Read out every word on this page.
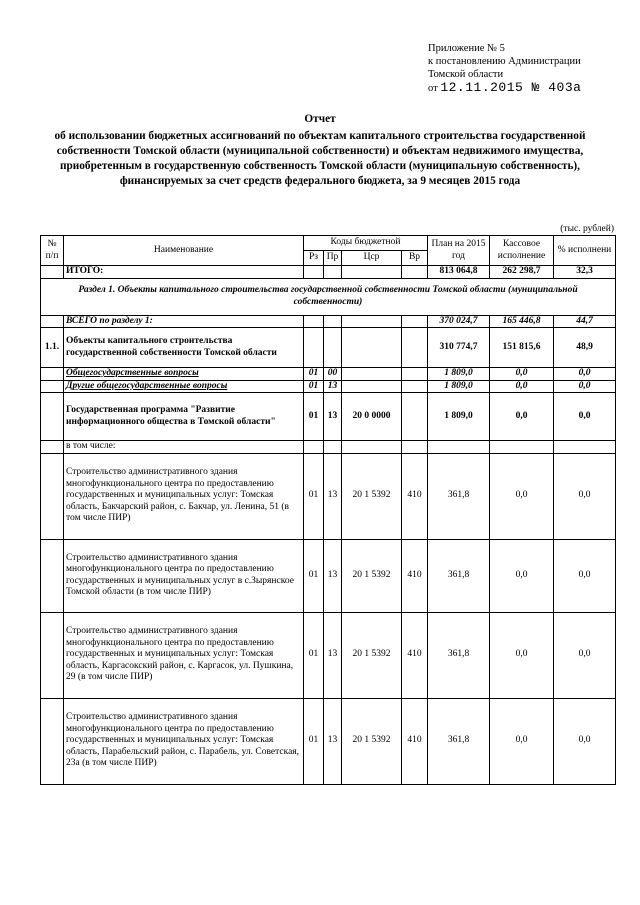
Приложение № 5
к постановлению Администрации
Томской области
от 12.11.2015 № 403а
Отчет
об использовании бюджетных ассигнований по объектам капитального строительства государственной собственности Томской области (муниципальной собственности) и объектам недвижимого имущества, приобретенным в государственную собственность Томской области (муниципальную собственность), финансируемых за счет средств федерального бюджета, за 9 месяцев 2015 года
(тыс. рублей)
№ п/п	Наименование	Коды бюджетной				План на 2015 год	Кассовое исполнение	% исполнени
		Рз	Пр	Цср	Вр			
	ИТОГО:					813 064,8	262 298,7	32,3
Раздел 1. Объекты капитального строительства государственной собственности Томской области (муниципальной собственности)								
	ВСЕГО по разделу 1:					370 024,7	165 446,8	44,7
1.1.	Объекты капитального строительства государственной собственности Томской области					310 774,7	151 815,6	48,9
	Общегосударственные вопросы	01	00			1 809,0	0,0	0,0
	Другие общегосударственные вопросы	01	13			1 809,0	0,0	0,0
	Государственная программа "Развитие информационного общества в Томской области"	01	13	20 0 0000		1 809,0	0,0	0,0
	в том числе:							
	Строительство административного здания многофункционального центра по предоставлению государственных и муниципальных услуг: Томская область, Бакчарский район, с. Бакчар, ул. Ленина, 51 (в том числе ПИР)	01	13	20 1 5392	410	361,8	0,0	0,0
	Строительство административного здания многофункционального центра по предоставлению государственных и муниципальных услуг в с.Зырянское Томской области (в том числе ПИР)	01	13	20 1 5392	410	361,8	0,0	0,0
	Строительство административного здания многофункционального центра по предоставлению государственных и муниципальных услуг: Томская область, Каргасокский район, с. Каргасок, ул. Пушкина, 29 (в том числе ПИР)	01	13	20 1 5392	410	361,8	0,0	0,0
	Строительство административного здания многофункционального центра по предоставлению государственных и муниципальных услуг: Томская область, Парабельский район, с. Парабель, ул. Советская, 23а (в том числе ПИР)	01	13	20 1 5392	410	361,8	0,0	0,0
